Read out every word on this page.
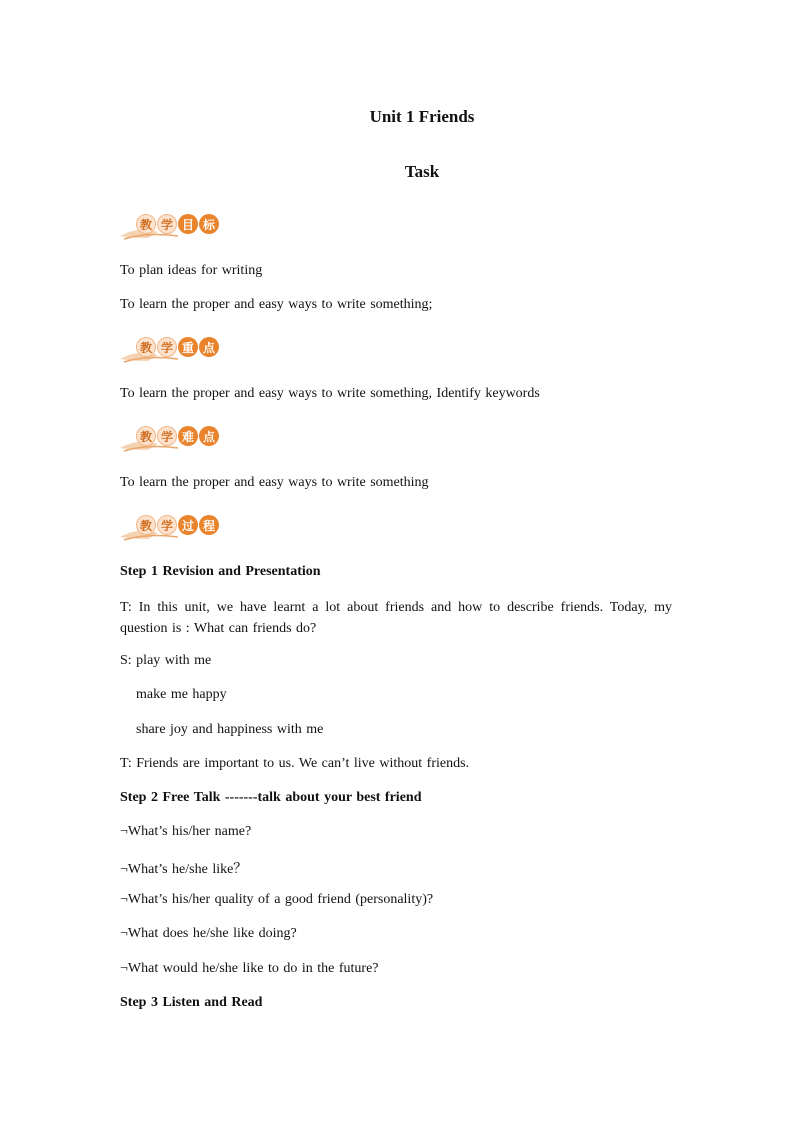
Unit 1 Friends
Task
教 学 目 标
To plan ideas for writing
To learn the proper and easy ways to write something;
教 学 重 点
To learn the proper and easy ways to write something, Identify keywords
教 学 难 点
To learn the proper and easy ways to write something
教 学 过 程
Step 1 Revision and Presentation
T: In this unit, we have learnt a lot about friends and how to describe friends. Today, my question is : What can friends do?
S: play with me
make me happy
share joy and happiness with me
T: Friends are important to us. We can’t live without friends.
Step 2 Free Talk -------talk about your best friend
¬What’s his/her name?
¬What’s he/she like？
¬What’s his/her quality of a good friend (personality)?
¬What does he/she like doing?
¬What would he/she like to do in the future?
Step 3 Listen and Read
